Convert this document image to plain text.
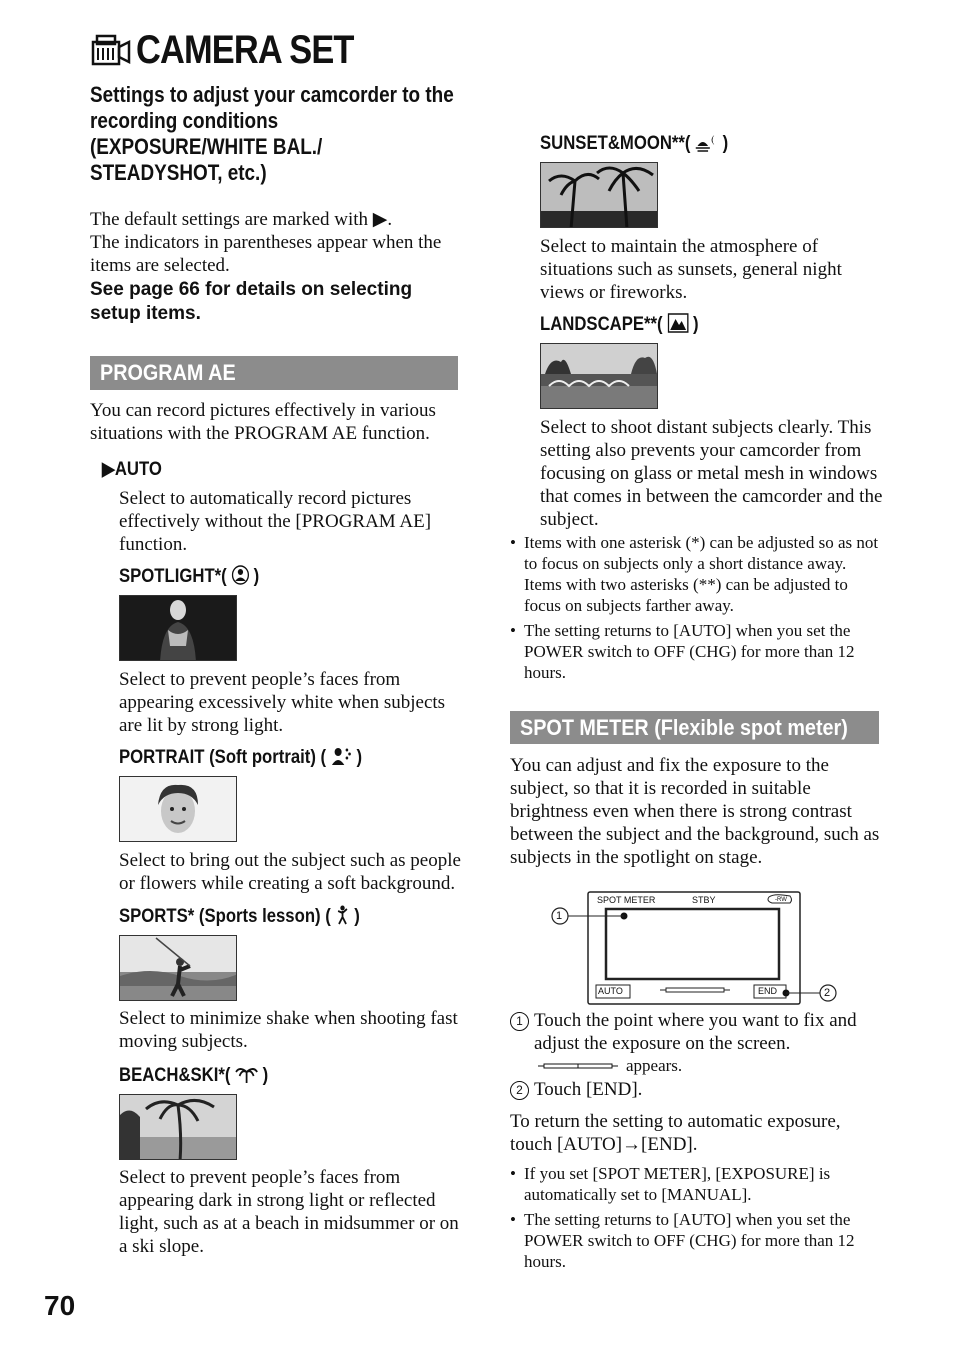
CAMERA SET
Settings to adjust your camcorder to the
recording conditions
(EXPOSURE/WHITE BAL./
STEADYSHOT, etc.)
The default settings are marked with ▶.
The indicators in parentheses appear when the items are selected.
See page 66 for details on selecting setup items.
PROGRAM AE
You can record pictures effectively in various situations with the PROGRAM AE function.
▶AUTO
Select to automatically record pictures effectively without the [PROGRAM AE] function.
SPOTLIGHT*( )
Select to prevent people’s faces from appearing excessively white when subjects are lit by strong light.
PORTRAIT (Soft portrait) ( )
Select to bring out the subject such as people or flowers while creating a soft background.
SPORTS* (Sports lesson) ( )
Select to minimize shake when shooting fast moving subjects.
BEACH&SKI*( )
Select to prevent people’s faces from appearing dark in strong light or reflected light, such as at a beach in midsummer or on a ski slope.
SUNSET&MOON**( )
Select to maintain the atmosphere of situations such as sunsets, general night views or fireworks.
LANDSCAPE**( )
Select to shoot distant subjects clearly. This setting also prevents your camcorder from focusing on glass or metal mesh in windows that comes in between the camcorder and the subject.
• Items with one asterisk (*) can be adjusted so as not to focus on subjects only a short distance away. Items with two asterisks (**) can be adjusted to focus on subjects farther away.
• The setting returns to [AUTO] when you set the POWER switch to OFF (CHG) for more than 12 hours.
SPOT METER (Flexible spot meter)
You can adjust and fix the exposure to the subject, so that it is recorded in suitable brightness even when there is strong contrast between the subject and the background, such as subjects in the spotlight on stage.
SPOT METER	STBY	-RW
AUTO	END
1
2
1 Touch the point where you want to fix and adjust the exposure on the screen.
appears.
2 Touch [END].
To return the setting to automatic exposure, touch [AUTO]→[END].
• If you set [SPOT METER], [EXPOSURE] is automatically set to [MANUAL].
• The setting returns to [AUTO] when you set the POWER switch to OFF (CHG) for more than 12 hours.
70
